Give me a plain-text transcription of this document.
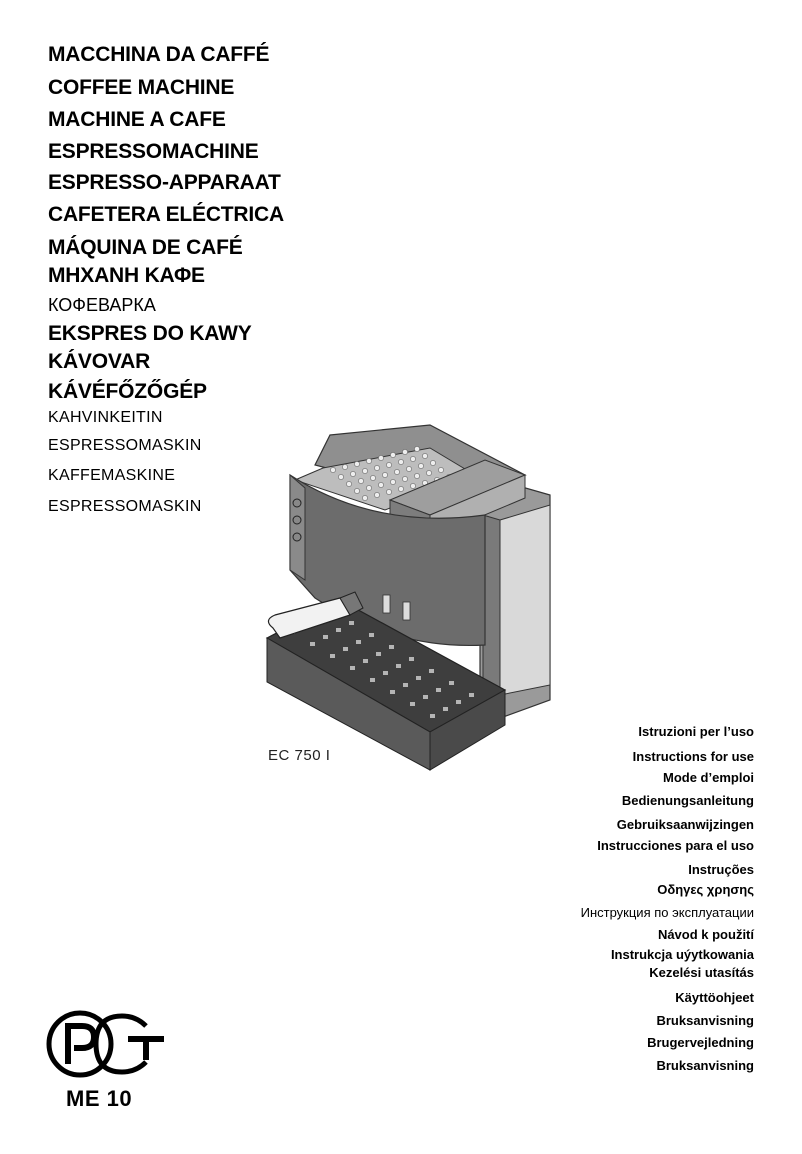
MACCHINA DA CAFFÉ
COFFEE MACHINE
MACHINE A CAFE
ESPRESSOMACHINE
ESPRESSO-APPARAAT
CAFETERA ELÉCTRICA
MÁQUINA DE CAFÉ
ΜΗΧΑΝΗ ΚΑΦΕ
КОФЕВАРКА
EKSPRES DO KAWY
KÁVOVAR
KÁVÉFŐZŐGÉP
KAHVINKEITIN
ESPRESSOMASKIN
KAFFEMASKINE
ESPRESSOMASKIN
EC 750 I
Istruzioni per l’uso
Instructions for use
Mode d’emploi
Bedienungsanleitung
Gebruiksaanwijzingen
Instrucciones para el uso
Instruções
Οδηγες χρησης
Инструкция по эксплуатации
Návod k použití
Instrukcja uýytkowania
Kezelési utasítás
Käyttöohjeet
Bruksanvisning
Brugervejledning
Bruksanvisning
ME 10
